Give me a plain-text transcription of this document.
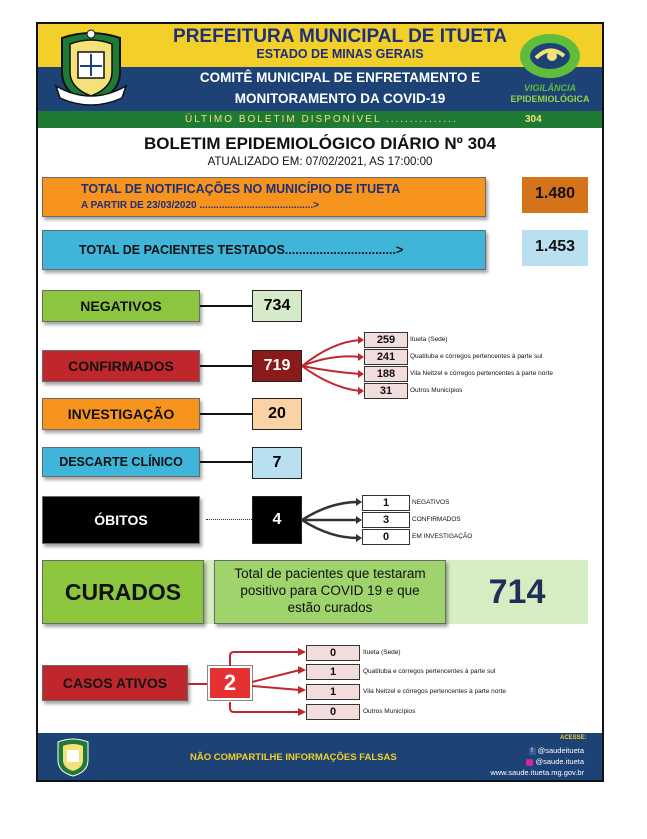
PREFEITURA MUNICIPAL DE ITUETA
ESTADO DE MINAS GERAIS
COMITÊ MUNICIPAL DE ENFRETAMENTO E
MONITORAMENTO DA COVID-19
ÚLTIMO BOLETIM DISPONÍVEL ...............	304
VIGILÂNCIA
EPIDEMIOLÓGICA
BOLETIM EPIDEMIOLÓGICO DIÁRIO Nº 304
ATUALIZADO EM: 07/02/2021, AS 17:00:00
TOTAL DE NOTIFICAÇÕES NO MUNICÍPIO DE ITUETA
A PARTIR DE 23/03/2020 .........................................>
1.480
TOTAL DE PACIENTES TESTADOS................................>	1.453
NEGATIVOS	734
CONFIRMADOS	719
259	Itueta (Sede)
241	Quatituba e córregos pertencentes à parte sul
188	Vila Neitzel e córregos pertencentes à parte norte
31	Outros Municípios
INVESTIGAÇÃO	20
DESCARTE CLÍNICO	7
ÓBITOS	4
1	NEGATIVOS
3	CONFIRMADOS
0	EM INVESTIGAÇÃO
CURADOS
Total de pacientes que testaram positivo para COVID 19 e que estão curados	714
CASOS ATIVOS	2
0	Itueta (Sede)
1	Quatituba e córregos pertencentes à parte sul
1	Vila Neitzel e córregos pertencentes à parte norte
0	Outros Municípios
NÃO COMPARTILHE INFORMAÇÕES FALSAS
ACESSE:
f @saudeitueta
@saude.itueta
www.saude.itueta.mg.gov.br
